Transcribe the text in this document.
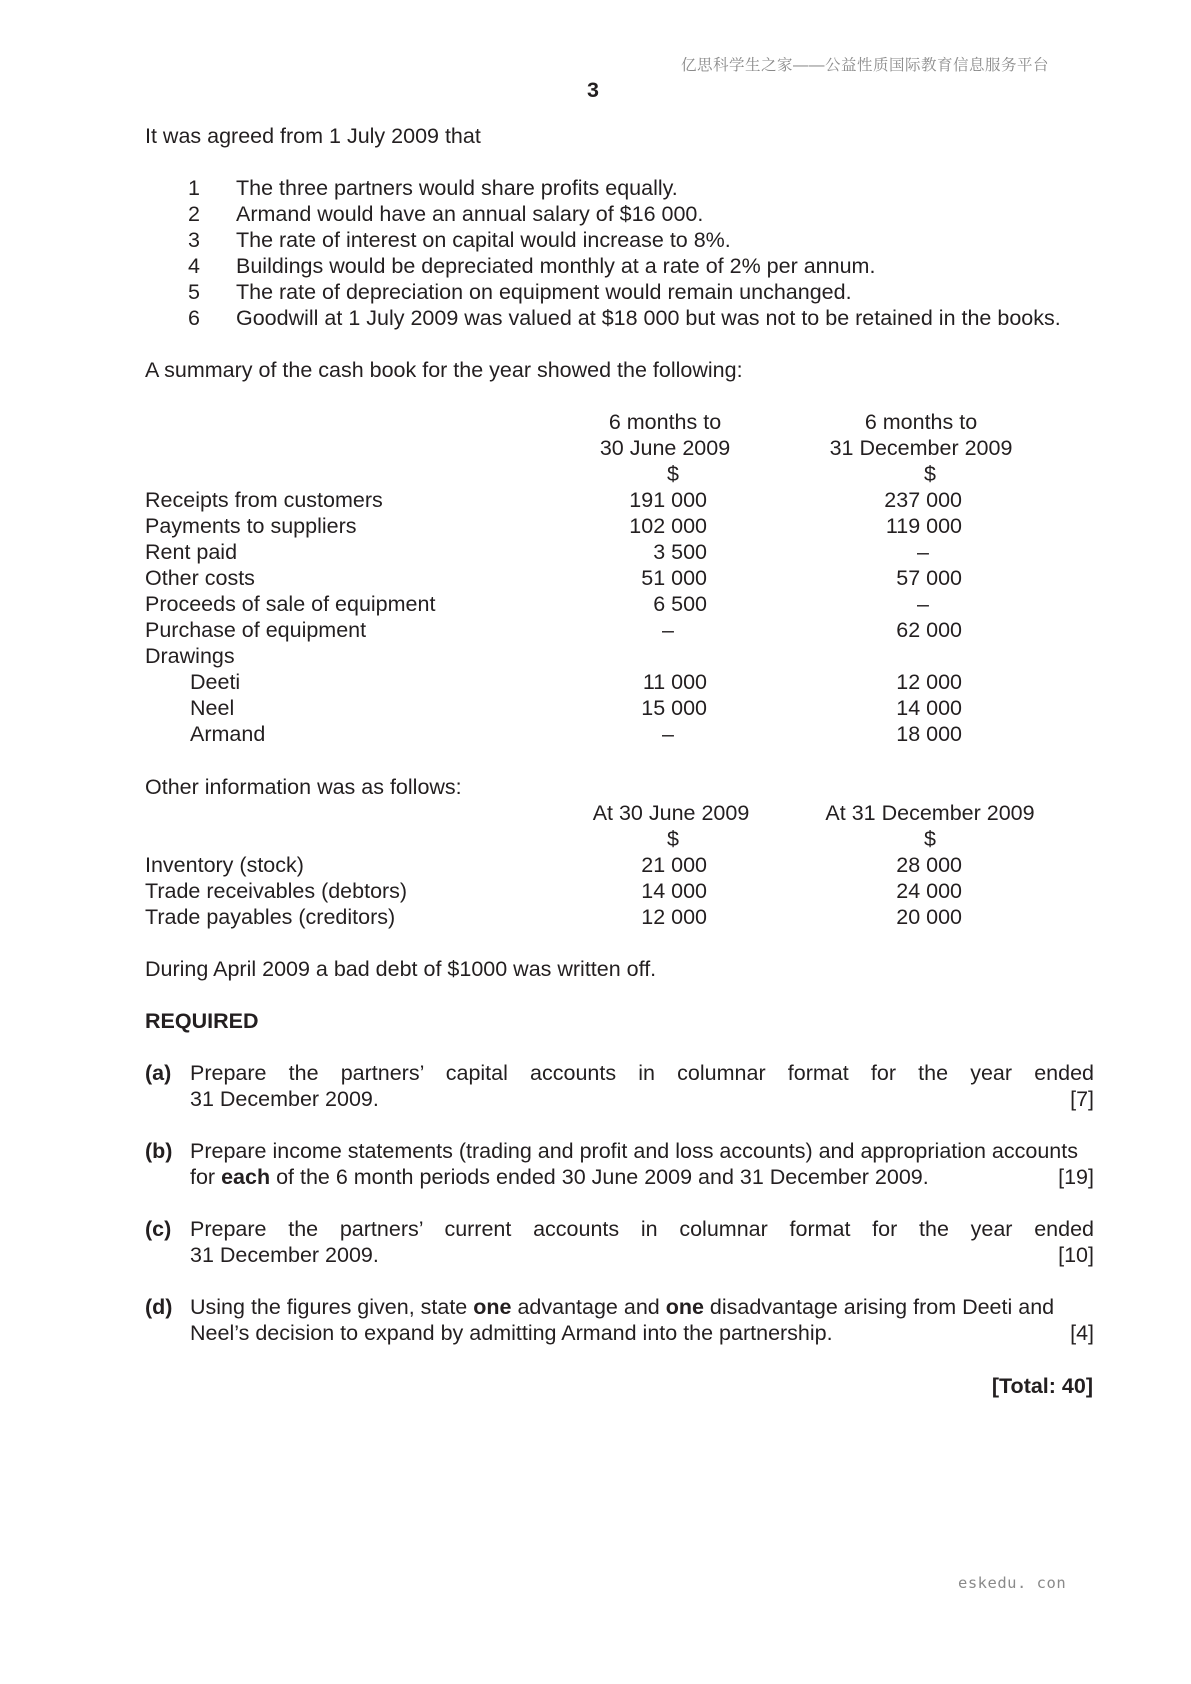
亿思科学生之家——公益性质国际教育信息服务平台
3
It was agreed from 1 July 2009 that
1	The three partners would share profits equally.
2	Armand would have an annual salary of $16 000.
3	The rate of interest on capital would increase to 8%.
4	Buildings would be depreciated monthly at a rate of 2% per annum.
5	The rate of depreciation on equipment would remain unchanged.
6	Goodwill at 1 July 2009 was valued at $18 000 but was not to be retained in the books.
A summary of the cash book for the year showed the following:
6 months to	6 months to
30 June 2009	31 December 2009
$	$
Receipts from customers	191 000	237 000
Payments to suppliers	102 000	119 000
Rent paid	3 500	–
Other costs	51 000	57 000
Proceeds of sale of equipment	6 500	–
Purchase of equipment	–	62 000
Drawings
Deeti	11 000	12 000
Neel	15 000	14 000
Armand	–	18 000
Other information was as follows:
At 30 June 2009	At 31 December 2009
$	$
Inventory (stock)	21 000	28 000
Trade receivables (debtors)	14 000	24 000
Trade payables (creditors)	12 000	20 000
During April 2009 a bad debt of $1000 was written off.
REQUIRED
(a) Prepare the partners’ capital accounts in columnar format for the year ended
31 December 2009.	[7]
(b) Prepare income statements (trading and profit and loss accounts) and appropriation accounts
for each of the 6 month periods ended 30 June 2009 and 31 December 2009.	[19]
(c) Prepare the partners’ current accounts in columnar format for the year ended
31 December 2009.	[10]
(d) Using the figures given, state one advantage and one disadvantage arising from Deeti and
Neel’s decision to expand by admitting Armand into the partnership.	[4]
[Total: 40]
eskedu. con
